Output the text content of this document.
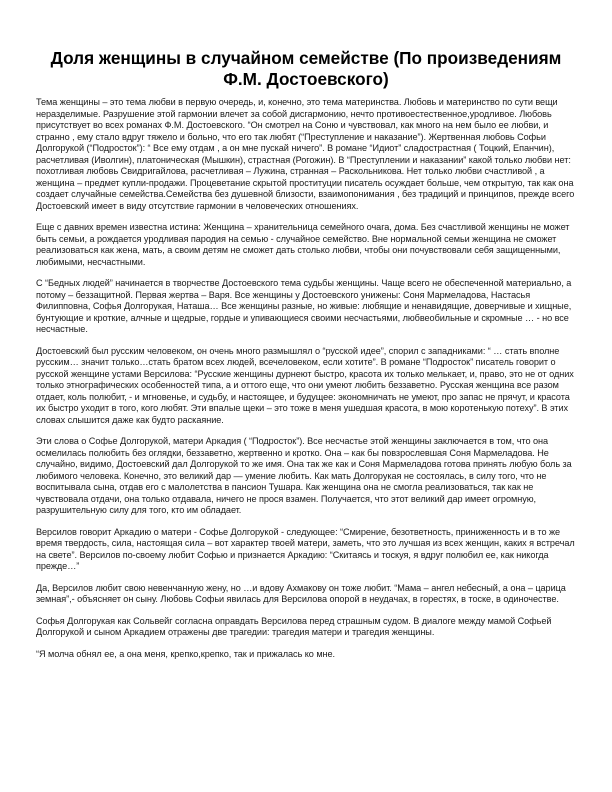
Доля женщины в случайном семействе (По произведениям Ф.М. Достоевского)

Тема женщины – это тема любви в первую очередь, и, конечно, это тема материнства. Любовь и материнство по сути вещи неразделимые. Разрушение этой гармонии влечет за собой дисгармонию, нечто противоестественное,уродливое. Любовь присутствует во всех романах Ф.М. Достоевского. “Он смотрел на Соню и чувствовал, как много на нем было ее любви, и странно , ему стало вдруг тяжело и больно, что его так любят (“Преступление и наказание”). Жертвенная любовь Софьи Долгорукой (“Подросток”): “ Все ему отдам , а он мне пускай ничего”. В романе “Идиот” сладострастная ( Тоцкий, Епанчин), расчетливая (Иволгин), платоническая (Мышкин), страстная (Рогожин). В “Преступлении и наказании” какой только любви нет: похотливая любовь Свидригайлова, расчетливая – Лужина, странная – Раскольникова. Нет только любви счастливой , а женщина – предмет купли-продажи. Процеветание скрытой проституции писатель осуждает больше, чем открытую, так как она создает случайные семейства.Семейства без душевной близости, взаимопонимания , без традиций и принципов, прежде всего Достоевский имеет в виду отсутствие гармонии в человеческих отношениях.

Еще с давних времен известна истина: Женщина – хранительница семейного очага, дома. Без счастливой женщины не может быть семьи, а рождается уродливая пародия на семью - случайное семейство. Вне нормальной семьи женщина не сможет реализоваться как жена, мать, а своим детям не сможет дать столько любви, чтобы они почувствовали себя защищенными, любимыми, несчастными.

С “Бедных людей” начинается в творчестве Достоевского тема судьбы женщины. Чаще всего не обеспеченной материально, а потому – беззащитной. Первая жертва – Варя. Все женщины у Достоевского унижены: Соня Мармеладова, Настасья Филипповна, Софья Долгорукая, Наташа… Все женщины разные, но живые: любящие и ненавидящие, доверчивые и хищные, бунтующие и кроткие, алчные и щедрые, гордые и упивающиеся своими несчастьями, любвеобильные и скромные … - но все несчастные.

Достоевский был русским человеком, он очень много размышлял о “русской идее”, спорил с западниками: “ … стать вполне русским… значит только…стать братом всех людей, всечеловеком, если хотите”. В романе “Подросток” писатель говорит о русской женщине устами Версилова: “Русские женщины дурнеют быстро, красота их только мелькает, и, право, это не от одних только этнографических особенностей типа, а и оттого еще, что они умеют любить беззаветно. Русская женщина все разом отдает, коль полюбит, - и мгновенье, и судьбу, и настоящее, и будущее: экономничать не умеют, про запас не прячут, и красота их быстро уходит в того, кого любят. Эти впалые щеки – это тоже в меня ушедшая красота, в мою коротенькую потеху”. В этих словах слышится даже как будто раскаяние.

Эти слова о Софье Долгорукой, матери Аркадия ( “Подросток”). Все несчастье этой женщины заключается в том, что она осмелилась полюбить без оглядки, беззаветно, жертвенно и кротко. Она – как бы повзрослевшая Соня Мармеладова. Не случайно, видимо, Достоевский дал Долгорукой то же имя. Она так же как и Соня Мармеладова готова принять любую боль за любимого человека. Конечно, это великий дар — умение любить. Как мать Долгорукая не состоялась, в силу того, что не воспитывала сына, отдав его с малолетства в пансион Тушара. Как женщина она не смогла реализоваться, так как не чувствовала отдачи, она только отдавала, ничего не прося взамен. Получается, что этот великий дар имеет огромную, разрушительную силу для того, кто им обладает.

Версилов говорит Аркадию о матери - Софье Долгорукой - следующее: “Смирение, безответность, приниженность и в то же время твердость, сила, настоящая сила – вот характер твоей матери, заметь, что это лучшая из всех женщин, каких я встречал на свете”. Версилов по-своему любит Софью и признается Аркадию: “Скитаясь и тоскуя, я вдруг полюбил ее, как никогда прежде…”

Да, Версилов любит свою невенчанную жену, но …и вдову Ахмакову он тоже любит. “Мама – ангел небесный, а она – царица земная”,- объясняет он сыну. Любовь Софьи явилась для Версилова опорой в неудачах, в горестях, в тоске, в одиночестве.

Софья Долгорукая как Сольвейг согласна оправдать Версилова перед страшным судом. В диалоге между мамой Софьей Долгорукой и сыном Аркадием отражены две трагедии: трагедия матери и трагедия женщины.

“Я молча обнял ее, а она меня, крепко,крепко, так и прижалась ко мне.
